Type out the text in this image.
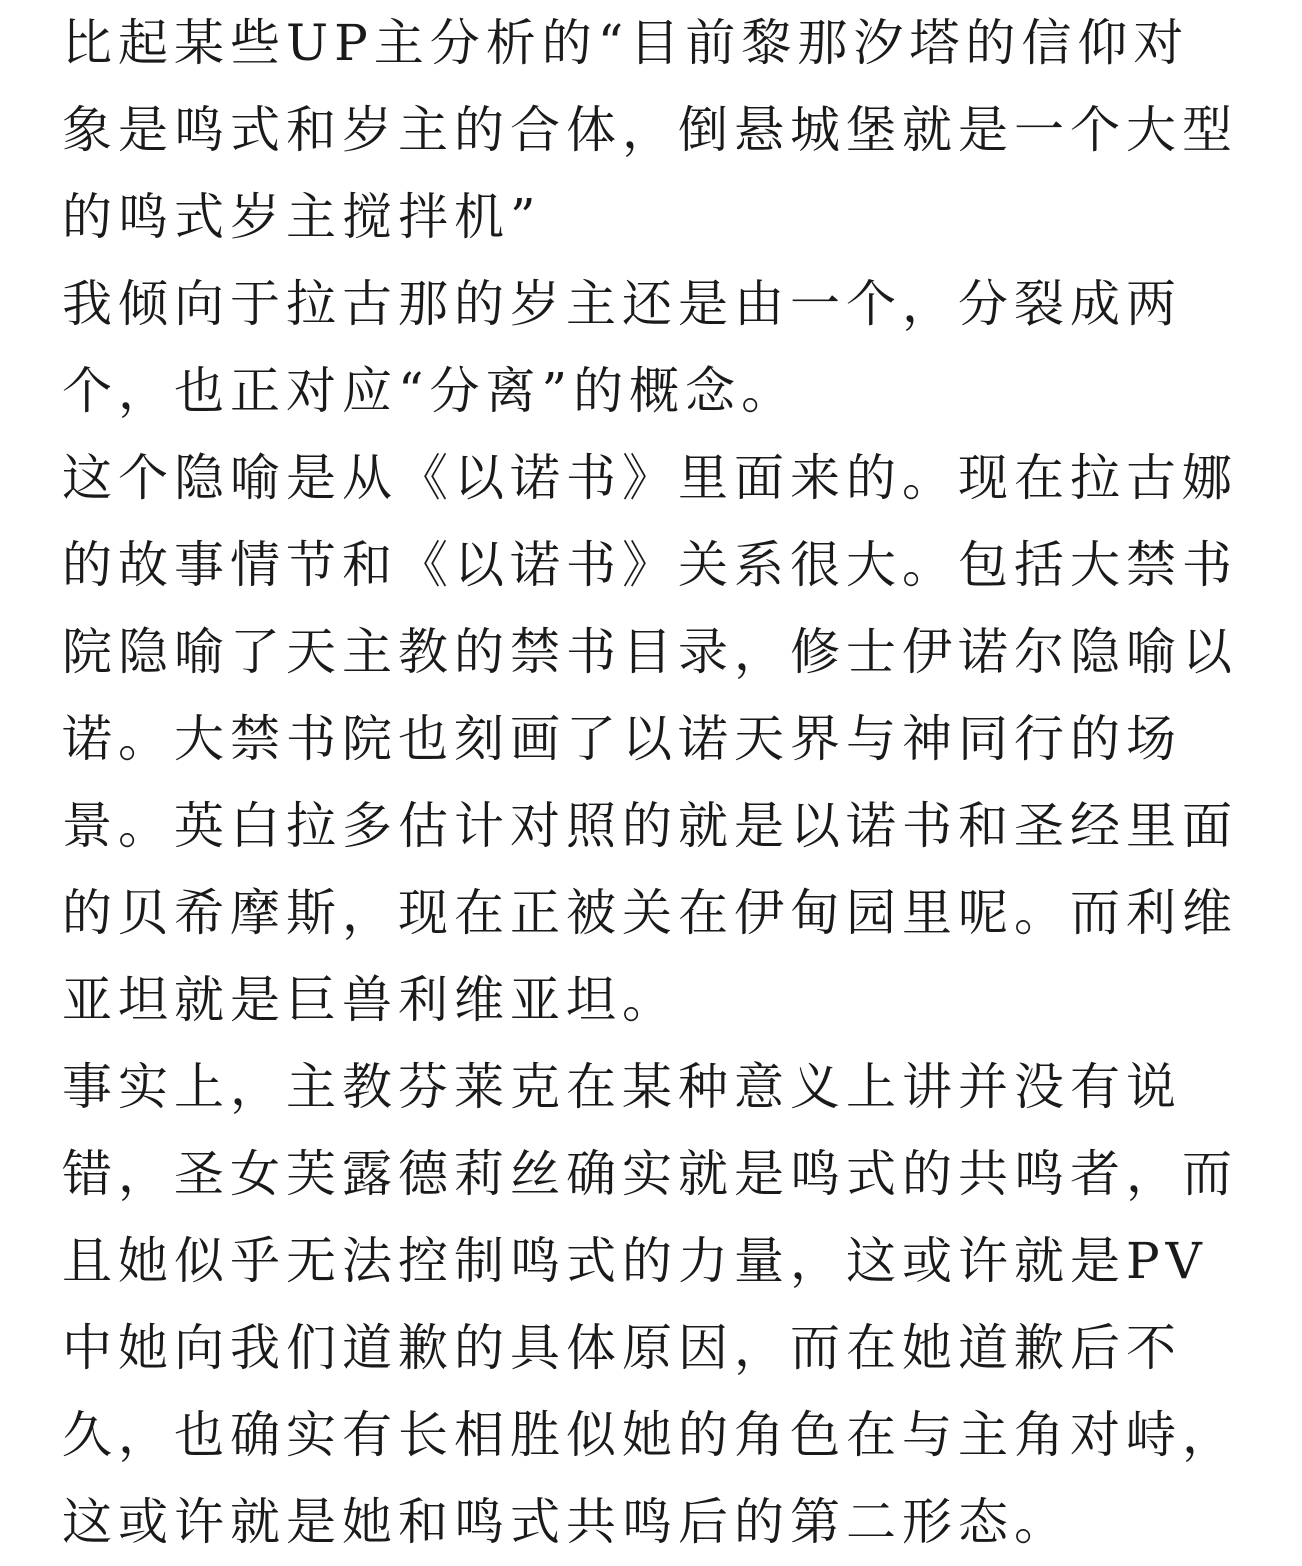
比起某些UP主分析的“目前黎那汐塔的信仰对
象是鸣式和岁主的合体，倒悬城堡就是一个大型
的鸣式岁主搅拌机”
我倾向于拉古那的岁主还是由一个，分裂成两
个，也正对应“分离”的概念。
这个隐喻是从《以诺书》里面来的。现在拉古娜
的故事情节和《以诺书》关系很大。包括大禁书
院隐喻了天主教的禁书目录，修士伊诺尔隐喻以
诺。大禁书院也刻画了以诺天界与神同行的场
景。英白拉多估计对照的就是以诺书和圣经里面
的贝希摩斯，现在正被关在伊甸园里呢。而利维
亚坦就是巨兽利维亚坦。
事实上，主教芬莱克在某种意义上讲并没有说
错，圣女芙露德莉丝确实就是鸣式的共鸣者，而
且她似乎无法控制鸣式的力量，这或许就是PV
中她向我们道歉的具体原因，而在她道歉后不
久，也确实有长相胜似她的角色在与主角对峙，
这或许就是她和鸣式共鸣后的第二形态。
